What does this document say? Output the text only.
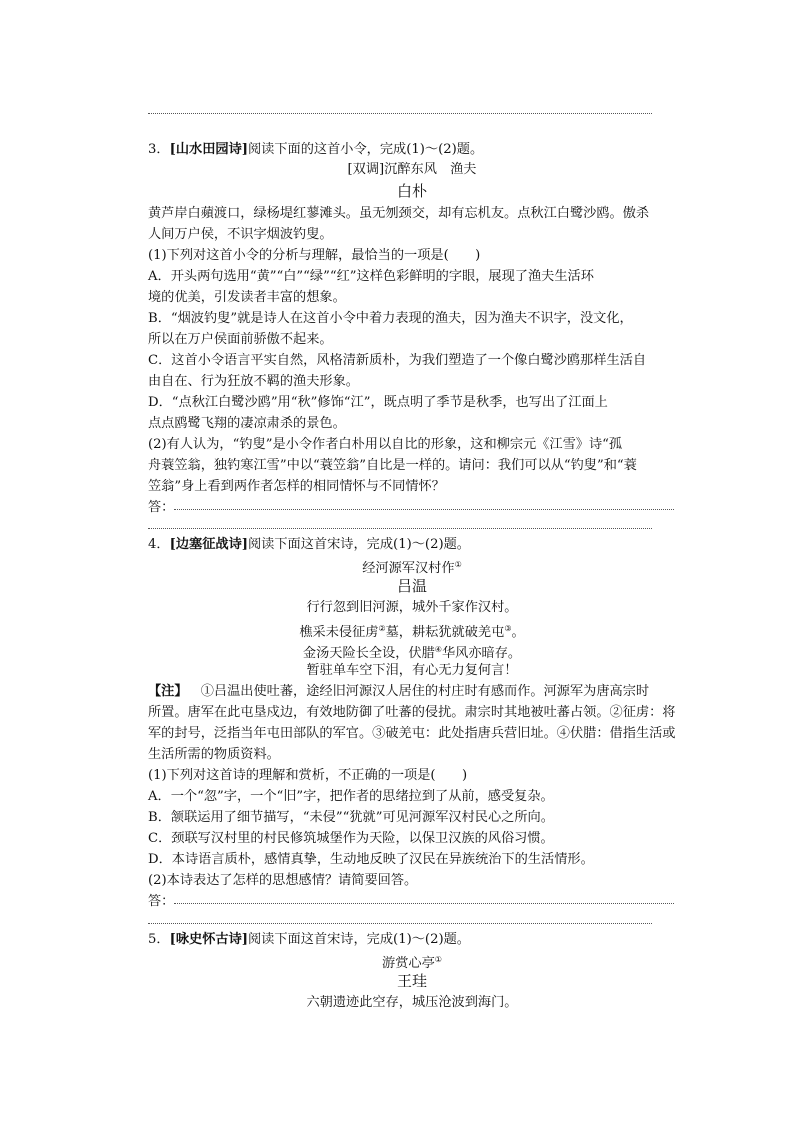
3．[山水田园诗]阅读下面的这首小令，完成(1)～(2)题。
[双调]沉醉东风　渔夫
白朴
黄芦岸白蘋渡口，绿杨堤红蓼滩头。虽无刎颈交，却有忘机友。点秋江白鹭沙鸥。傲杀
人间万户侯，不识字烟波钓叟。
(1)下列对这首小令的分析与理解，最恰当的一项是(　　)
A．开头两句选用“黄”“白”“绿”“红”这样色彩鲜明的字眼，展现了渔夫生活环
境的优美，引发读者丰富的想象。
B．“烟波钓叟”就是诗人在这首小令中着力表现的渔夫，因为渔夫不识字，没文化，
所以在万户侯面前骄傲不起来。
C．这首小令语言平实自然，风格清新质朴，为我们塑造了一个像白鹭沙鸥那样生活自
由自在、行为狂放不羁的渔夫形象。
D．“点秋江白鹭沙鸥”用“秋”修饰“江”，既点明了季节是秋季，也写出了江面上
点点鸥鹭飞翔的凄凉肃杀的景色。
(2)有人认为，“钓叟”是小令作者白朴用以自比的形象，这和柳宗元《江雪》诗“孤
舟蓑笠翁，独钓寒江雪”中以“蓑笠翁”自比是一样的。请问：我们可以从“钓叟”和“蓑
笠翁”身上看到两作者怎样的相同情怀与不同情怀？
答：
4．[边塞征战诗]阅读下面这首宋诗，完成(1)～(2)题。
经河源军汉村作①
吕温
行行忽到旧河源，城外千家作汉村。
樵采未侵征虏②墓，耕耘犹就破羌屯③。
金汤天险长全设，伏腊④华风亦暗存。
暂驻单车空下泪，有心无力复何言！
【注】  ①吕温出使吐蕃，途经旧河源汉人居住的村庄时有感而作。河源军为唐高宗时
所置。唐军在此屯垦戍边，有效地防御了吐蕃的侵扰。肃宗时其地被吐蕃占领。②征虏：将
军的封号，泛指当年屯田部队的军官。③破羌屯：此处指唐兵营旧址。④伏腊：借指生活或
生活所需的物质资料。
(1)下列对这首诗的理解和赏析，不正确的一项是(　　)
A．一个“忽”字，一个“旧”字，把作者的思绪拉到了从前，感受复杂。
B．颔联运用了细节描写，“未侵”“犹就”可见河源军汉村民心之所向。
C．颈联写汉村里的村民修筑城堡作为天险，以保卫汉族的风俗习惯。
D．本诗语言质朴，感情真挚，生动地反映了汉民在异族统治下的生活情形。
(2)本诗表达了怎样的思想感情？请简要回答。
答：
5．[咏史怀古诗]阅读下面这首宋诗，完成(1)～(2)题。
游赏心亭①
王珪
六朝遗迹此空存，城压沧波到海门。
